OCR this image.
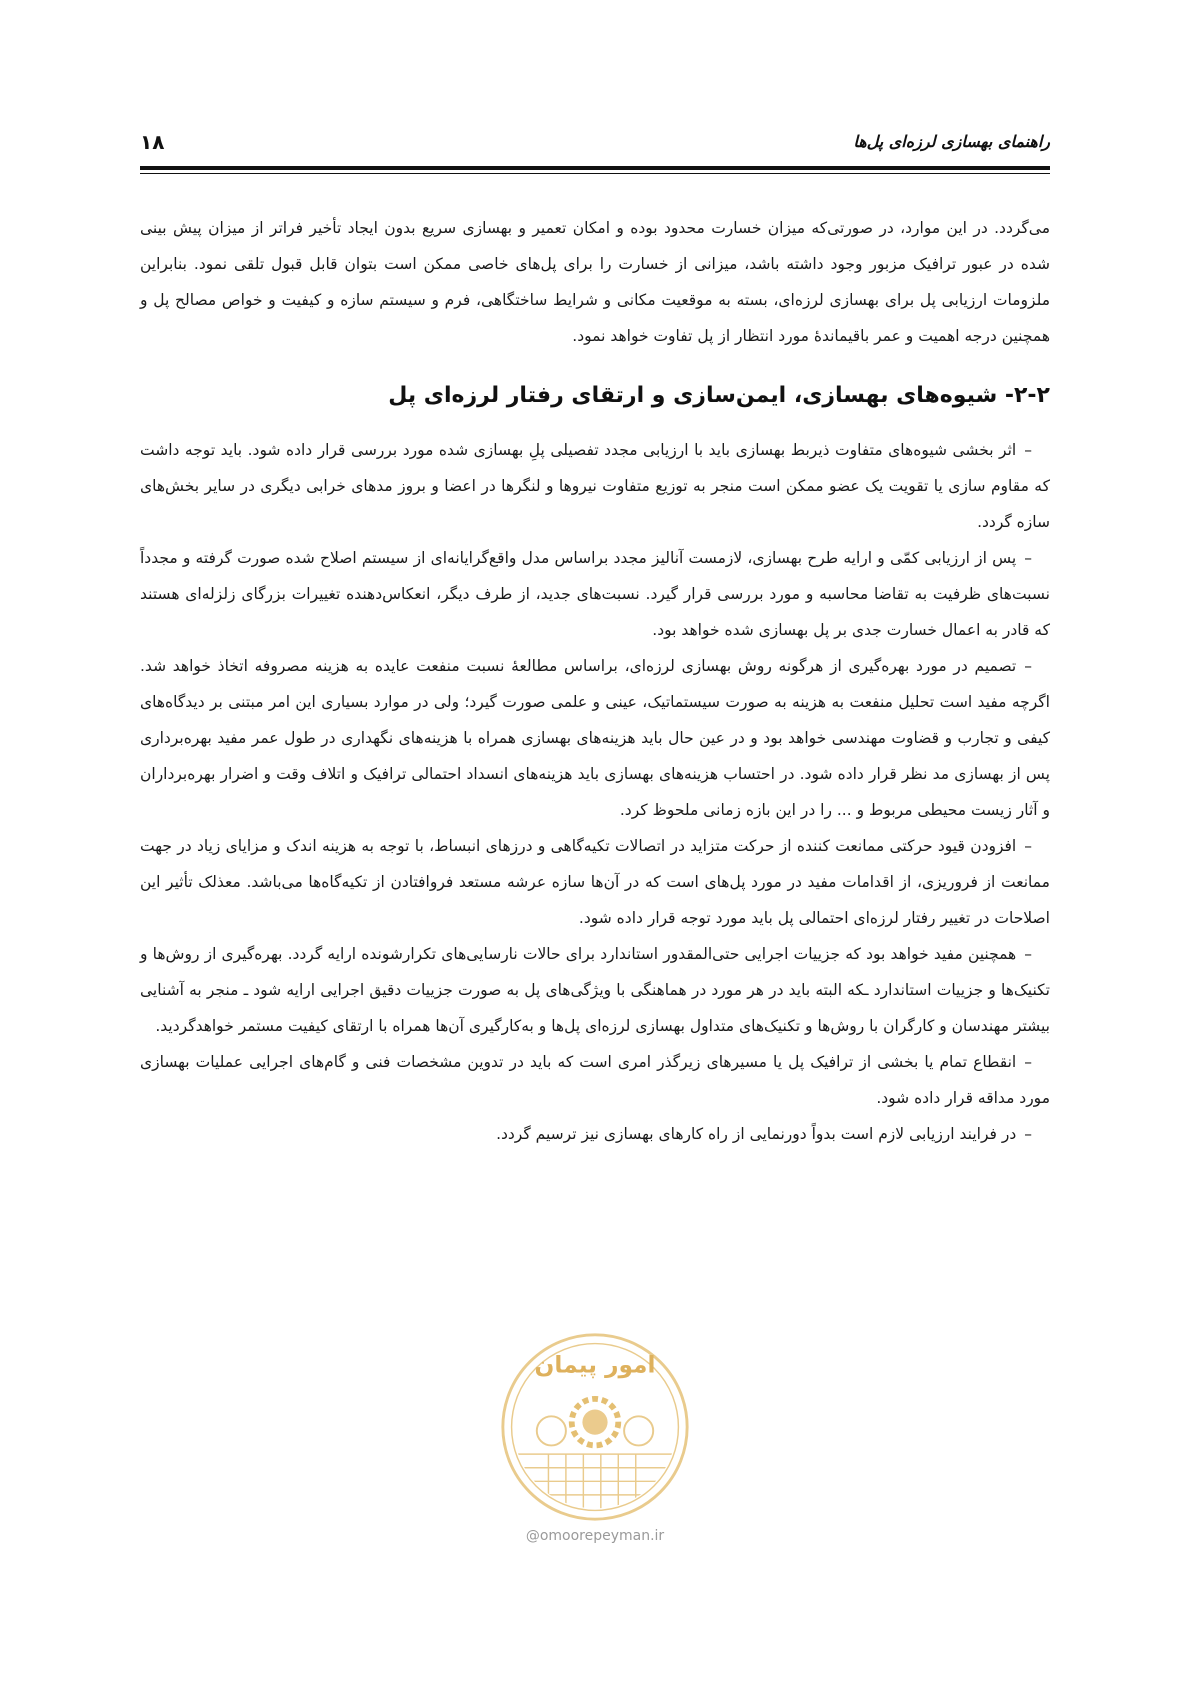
راهنمای بهسازی لرزه‌ای پل‌ها
۱۸

می‌گردد. در این موارد، در صورتی‌که میزان خسارت محدود بوده و امکان تعمیر و بهسازی سریع بدون ایجاد تأخیر فراتر از میزان پیش بینی شده در عبور ترافیک مزبور وجود داشته باشد، میزانی از خسارت را برای پل‌های خاصی ممکن است بتوان قابل قبول تلقی نمود. بنابراین ملزومات ارزیابی پل برای بهسازی لرزه‌ای، بسته به موقعیت مکانی و شرایط ساختگاهی، فرم و سیستم سازه و کیفیت و خواص مصالح پل و همچنین درجه اهمیت و عمر باقیماندهٔ مورد انتظار از پل تفاوت خواهد نمود.

۲-۲- شیوه‌های بهسازی، ایمن‌سازی و ارتقای رفتار لرزه‌ای پل

–اثر بخشی شیوه‌های متفاوت ذیربط بهسازی باید با ارزیابی مجدد تفصیلی پلِ بهسازی شده مورد بررسی قرار داده شود. باید توجه داشت که مقاوم سازی یا تقویت یک عضو ممکن است منجر به توزیع متفاوت نیروها و لنگرها در اعضا و بروز مدهای خرابی دیگری در سایر بخش‌های سازه گردد.

–پس از ارزیابی کمّی و ارایه طرح بهسازی، لازمست آنالیز مجدد براساس مدل واقع‌گرایانه‌ای از سیستم اصلاح شده صورت گرفته و مجدداً نسبت‌های ظرفیت به تقاضا محاسبه و مورد بررسی قرار گیرد. نسبت‌های جدید، از طرف دیگر، انعکاس‌دهنده تغییرات بزرگای زلزله‌ای هستند که قادر به اعمال خسارت جدی بر پل بهسازی شده خواهد بود.

–تصمیم در مورد بهره‌گیری از هرگونه روش بهسازی لرزه‌ای، براساس مطالعهٔ نسبت منفعت عایده به هزینه مصروفه اتخاذ خواهد شد. اگرچه مفید است تحلیل منفعت به هزینه به صورت سیستماتیک، عینی و علمی صورت گیرد؛ ولی در موارد بسیاری این امر مبتنی بر دیدگاه‌های کیفی و تجارب و قضاوت مهندسی خواهد بود و در عین حال باید هزینه‌های بهسازی همراه با هزینه‌های نگهداری در طول عمر مفید بهره‌برداری پس از بهسازی مد نظر قرار داده شود. در احتساب هزینه‌های بهسازی باید هزینه‌های انسداد احتمالی ترافیک و اتلاف وقت و اضرار بهره‌برداران و آثار زیست محیطی مربوط و ... را در این بازه زمانی ملحوظ کرد.

–افزودن قیود حرکتی ممانعت کننده از حرکت متزاید در اتصالات تکیه‌گاهی و درزهای انبساط، با توجه به هزینه اندک و مزایای زیاد در جهت ممانعت از فروریزی، از اقدامات مفید در مورد پل‌های است که در آن‌ها سازه عرشه مستعد فروافتادن از تکیه‌گاه‌ها می‌باشد. معذلک تأثیر این اصلاحات در تغییر رفتار لرزه‌ای احتمالی پل باید مورد توجه قرار داده شود.

–همچنین مفید خواهد بود که جزییات اجرایی حتی‌المقدور استاندارد برای حالات نارسایی‌های تکرارشونده ارایه گردد. بهره‌گیری از روش‌ها و تکنیک‌ها و جزییات استاندارد ـکه البته باید در هر مورد در هماهنگی با ویژگی‌های پل به صورت جزییات دقیق اجرایی ارایه شود ـ منجر به آشنایی بیشتر مهندسان و کارگران با روش‌ها و تکنیک‌های متداول بهسازی لرزه‌ای پل‌ها و به‌کارگیری آن‌ها همراه با ارتقای کیفیت مستمر خواهدگردید.

–انقطاع تمام یا بخشی از ترافیک پل یا مسیرهای زیرگذر امری است که باید در تدوین مشخصات فنی و گام‌های اجرایی عملیات بهسازی مورد مداقه قرار داده شود.

–در فرایند ارزیابی لازم است بدواً دورنمایی از راه کارهای بهسازی نیز ترسیم گردد.

امور پیمان
@omoorepeyman.ir
